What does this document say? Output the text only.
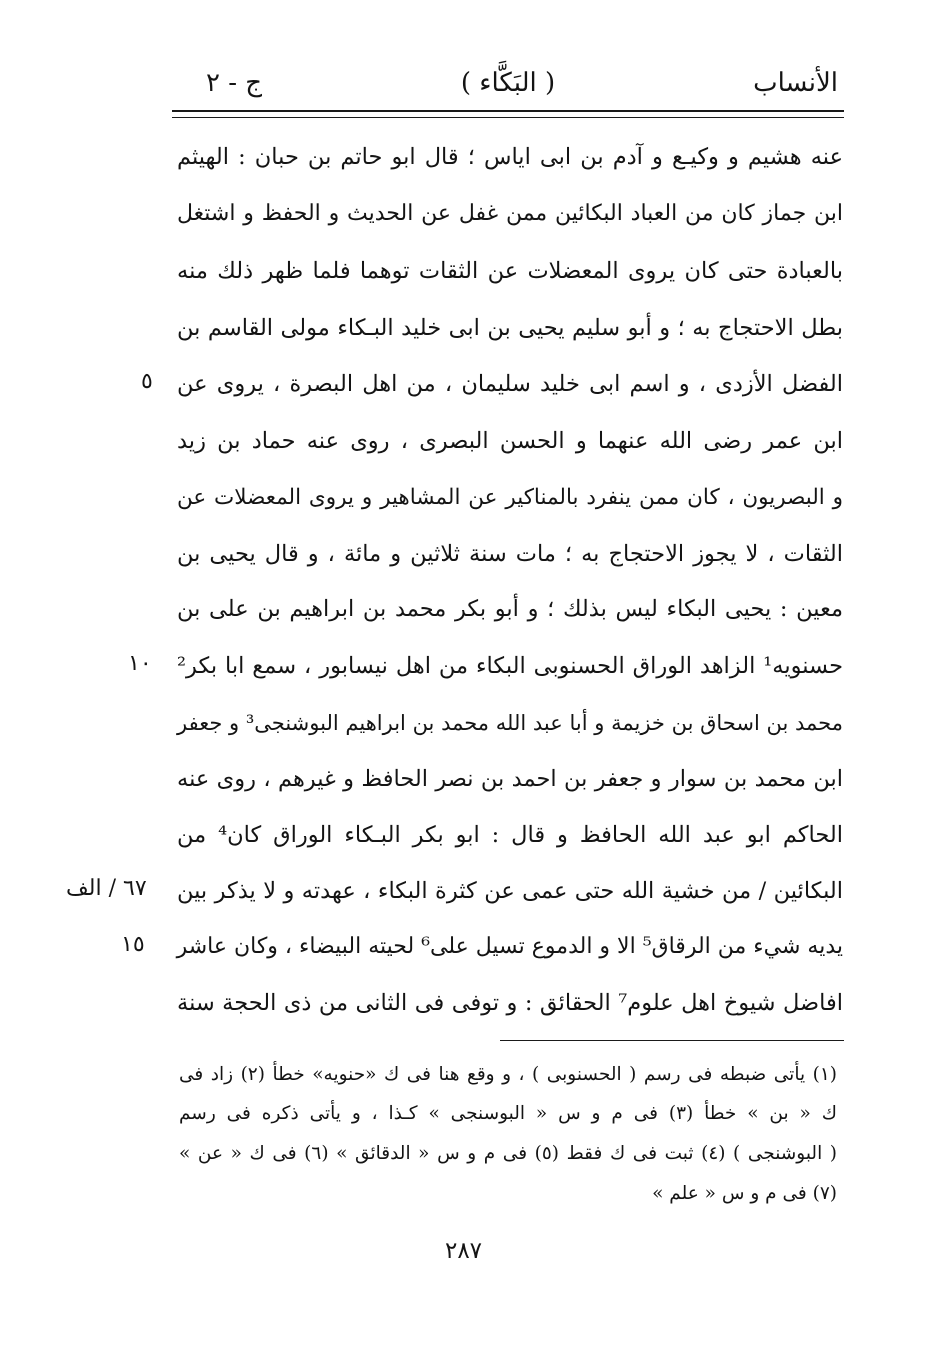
الأنساب
( البَكَّاء )
ج - ٢
عنه هشيم و وكيـع و آدم بن ابى اياس ؛ قال ابو حاتم بن حبان : الهيثم
ابن جماز كان من العباد البكائين ممن غفل عن الحديث و الحفظ و اشتغل
بالعبادة حتى كان يروى المعضلات عن الثقات توهما فلما ظهر ذلك منه
بطل الاحتجاج به ؛ و أبو سليم يحيى بن ابى خليد البـكاء مولى القاسم بن
الفضل الأزدى ، و اسم ابى خليد سليمان ، من اهل البصرة ، يروى عن
ابن عمر رضى الله عنهما و الحسن البصرى ، روى عنه حماد بن زيد
و البصريون ، كان ممن ينفرد بالمناكير عن المشاهير و يروى المعضلات عن
الثقات ، لا يجوز الاحتجاج به ؛ مات سنة ثلاثين و مائة ، و قال يحيى بن
معين : يحيى البكاء ليس بذلك ؛ و أبو بكر محمد بن ابراهيم بن على بن
حسنويه¹ الزاهد الوراق الحسنوبى البكاء من اهل نيسابور ، سمع ابا بكر²
محمد بن اسحاق بن خزيمة و أبا عبد الله محمد بن ابراهيم البوشنجى³ و جعفر
ابن محمد بن سوار و جعفر بن احمد بن نصر الحافظ و غيرهم ، روى عنه
الحاكم ابو عبد الله الحافظ و قال : ابو بكر البـكاء الوراق كان⁴ من
البكائين / من خشية الله حتى عمى عن كثرة البكاء ، عهدته و لا يذكر بين
يديه شيء من الرقاق⁵ الا و الدموع تسيل على⁶ لحيته البيضاء ، وكان عاشر
افاضل شيوخ اهل علوم⁷ الحقائق : و توفى فى الثانى من ذى الحجة سنة
٥
١٠
٦٧ / الف
١٥
(١) يأتى ضبطه فى رسم ( الحسنوبى ) ، و وقع هنا فى ك «حنويه» خطأ (٢) زاد فى
ك « بن » خطأ (٣) فى م و س « البوسنجى » كـذا ، و يأتى ذكره فى رسم
( البوشنجى ) (٤) ثبت فى ك فقط (٥) فى م و س « الدقائق » (٦) فى ك « عن »
(٧) فى م و س « علم »
٢٨٧
